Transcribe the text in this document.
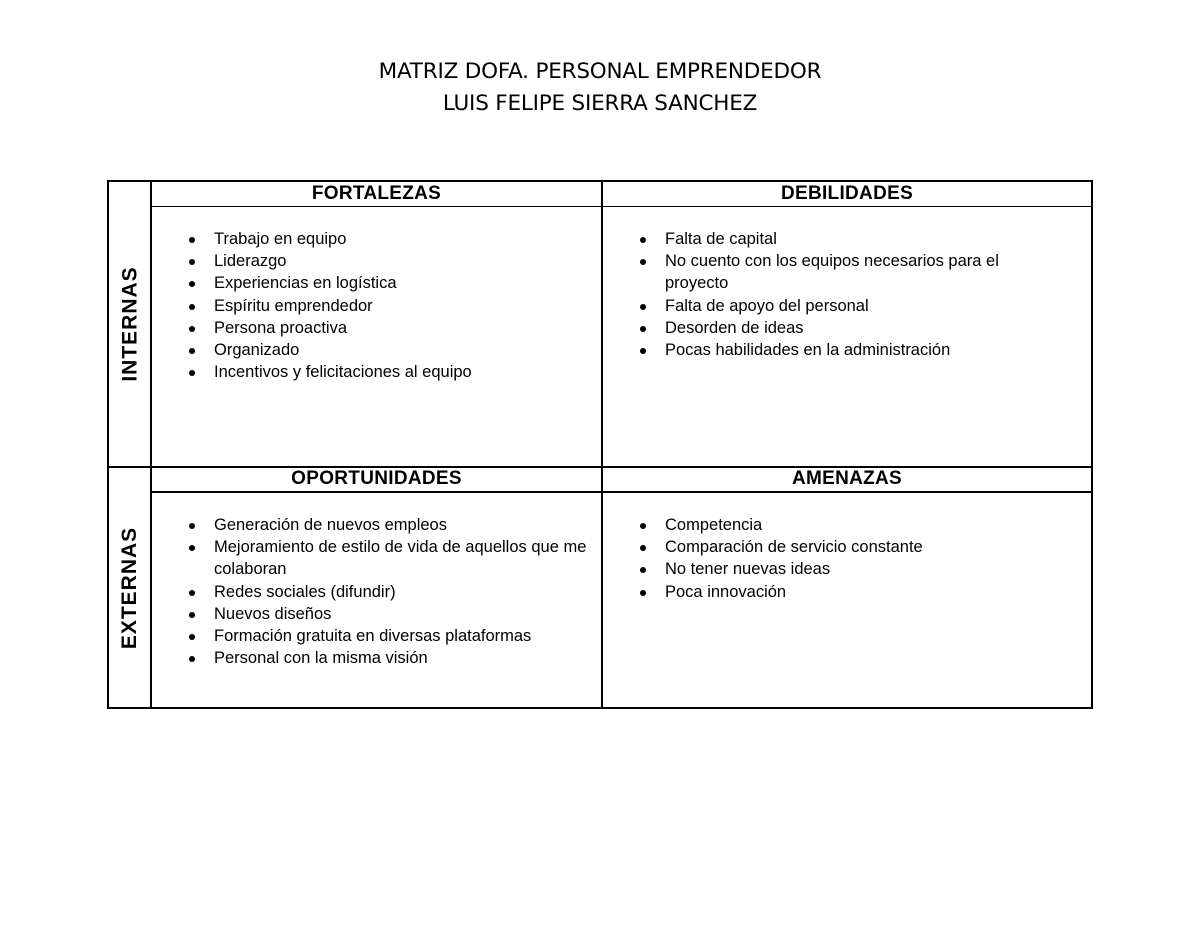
MATRIZ DOFA. PERSONAL EMPRENDEDOR
LUIS FELIPE SIERRA SANCHEZ
INTERNAS
EXTERNAS
FORTALEZAS	DEBILIDADES
OPORTUNIDADES	AMENAZAS
Trabajo en equipo
Liderazgo
Experiencias en logística
Espíritu emprendedor
Persona proactiva
Organizado
Incentivos y felicitaciones al equipo
Falta de capital
No cuento con los equipos necesarios para el proyecto
Falta de apoyo del personal
Desorden de ideas
Pocas habilidades en la administración
Generación de nuevos empleos
Mejoramiento de estilo de vida de aquellos que me colaboran
Redes sociales (difundir)
Nuevos diseños
Formación gratuita en diversas plataformas
Personal con la misma visión
Competencia
Comparación de servicio constante
No tener nuevas ideas
Poca innovación
